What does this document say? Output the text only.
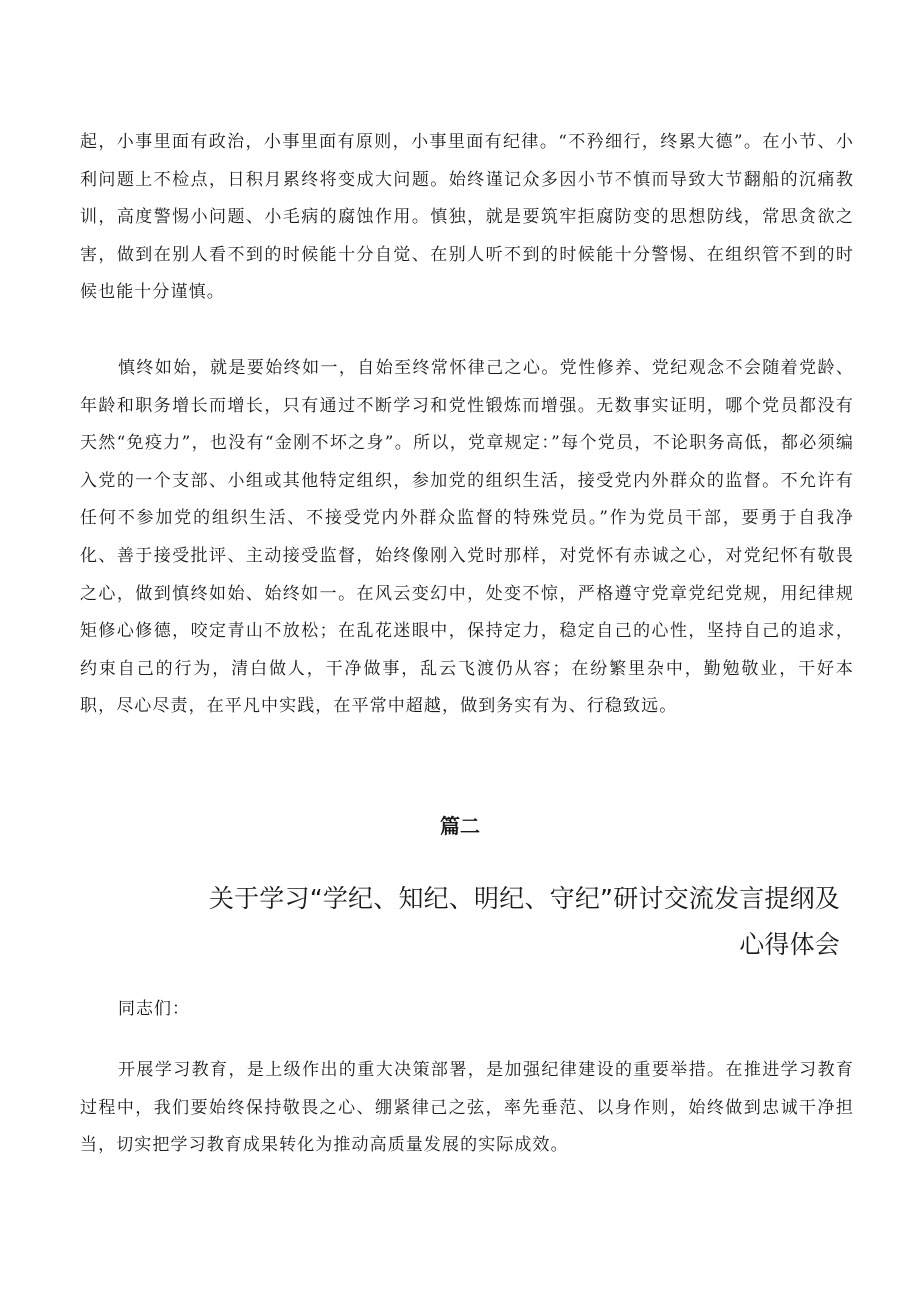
起，小事里面有政治，小事里面有原则，小事里面有纪律。“不矜细行，终累大德”。在小节、小利问题上不检点，日积月累终将变成大问题。始终谨记众多因小节不慎而导致大节翻船的沉痛教训，高度警惕小问题、小毛病的腐蚀作用。慎独，就是要筑牢拒腐防变的思想防线，常思贪欲之害，做到在别人看不到的时候能十分自觉、在别人听不到的时候能十分警惕、在组织管不到的时候也能十分谨慎。

慎终如始，就是要始终如一，自始至终常怀律己之心。党性修养、党纪观念不会随着党龄、年龄和职务增长而增长，只有通过不断学习和党性锻炼而增强。无数事实证明，哪个党员都没有天然“免疫力”，也没有“金刚不坏之身”。所以，党章规定：”每个党员，不论职务高低，都必须编入党的一个支部、小组或其他特定组织，参加党的组织生活，接受党内外群众的监督。不允许有任何不参加党的组织生活、不接受党内外群众监督的特殊党员。”作为党员干部，要勇于自我净化、善于接受批评、主动接受监督，始终像刚入党时那样，对党怀有赤诚之心，对党纪怀有敬畏之心，做到慎终如始、始终如一。在风云变幻中，处变不惊，严格遵守党章党纪党规，用纪律规矩修心修德，咬定青山不放松；在乱花迷眼中，保持定力，稳定自己的心性，坚持自己的追求，约束自己的行为，清白做人，干净做事，乱云飞渡仍从容；在纷繁里杂中，勤勉敬业，干好本职，尽心尽责，在平凡中实践，在平常中超越，做到务实有为、行稳致远。

篇二
关于学习“学纪、知纪、明纪、守纪”研讨交流发言提纲及
心得体会

同志们：

开展学习教育，是上级作出的重大决策部署，是加强纪律建设的重要举措。在推进学习教育过程中，我们要始终保持敬畏之心、绷紧律己之弦，率先垂范、以身作则，始终做到忠诚干净担当，切实把学习教育成果转化为推动高质量发展的实际成效。
